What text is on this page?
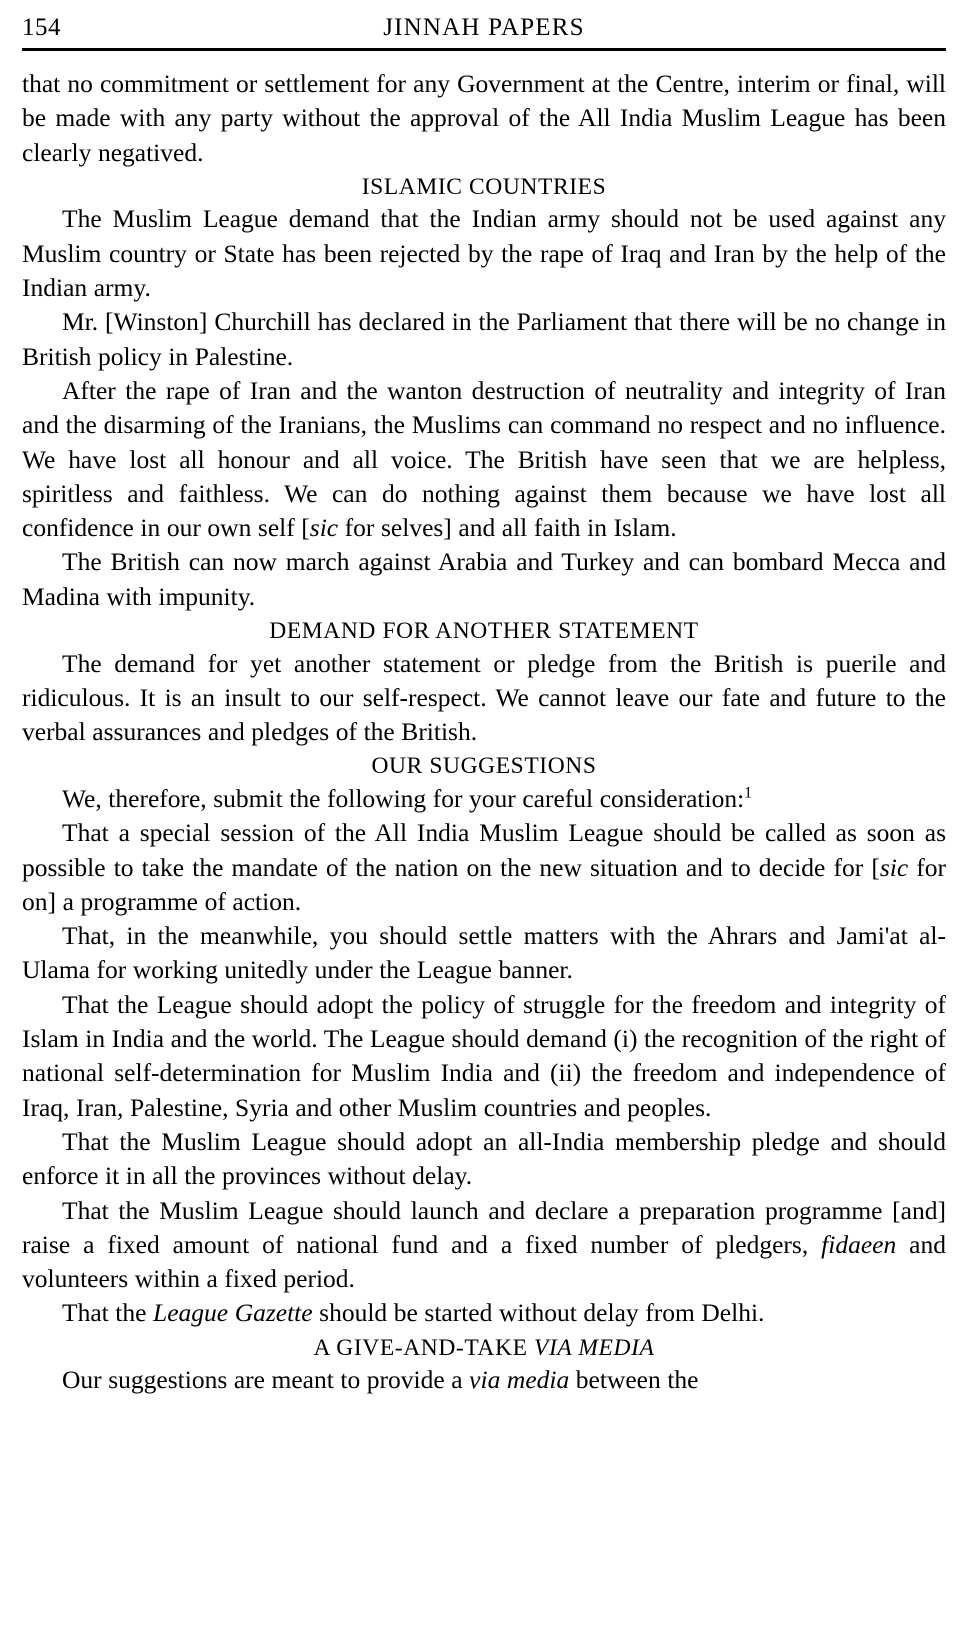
154	JINNAH PAPERS

that no commitment or settlement for any Government at the Centre, interim or final, will be made with any party without the approval of the All India Muslim League has been clearly negatived.

ISLAMIC COUNTRIES

The Muslim League demand that the Indian army should not be used against any Muslim country or State has been rejected by the rape of Iraq and Iran by the help of the Indian army.

Mr. [Winston] Churchill has declared in the Parliament that there will be no change in British policy in Palestine.

After the rape of Iran and the wanton destruction of neutrality and integrity of Iran and the disarming of the Iranians, the Muslims can command no respect and no influence. We have lost all honour and all voice. The British have seen that we are helpless, spiritless and faithless. We can do nothing against them because we have lost all confidence in our own self [sic for selves] and all faith in Islam.

The British can now march against Arabia and Turkey and can bombard Mecca and Madina with impunity.

DEMAND FOR ANOTHER STATEMENT

The demand for yet another statement or pledge from the British is puerile and ridiculous. It is an insult to our self-respect. We cannot leave our fate and future to the verbal assurances and pledges of the British.

OUR SUGGESTIONS

We, therefore, submit the following for your careful consideration:$^1$

That a special session of the All India Muslim League should be called as soon as possible to take the mandate of the nation on the new situation and to decide for [sic for on] a programme of action.

That, in the meanwhile, you should settle matters with the Ahrars and Jami'at al-Ulama for working unitedly under the League banner.

That the League should adopt the policy of struggle for the freedom and integrity of Islam in India and the world. The League should demand (i) the recognition of the right of national self-determination for Muslim India and (ii) the freedom and independence of Iraq, Iran, Palestine, Syria and other Muslim countries and peoples.

That the Muslim League should adopt an all-India membership pledge and should enforce it in all the provinces without delay.

That the Muslim League should launch and declare a preparation programme [and] raise a fixed amount of national fund and a fixed number of pledgers, fidaeen and volunteers within a fixed period.

That the League Gazette should be started without delay from Delhi.

A GIVE-AND-TAKE VIA MEDIA

Our suggestions are meant to provide a via media between the
